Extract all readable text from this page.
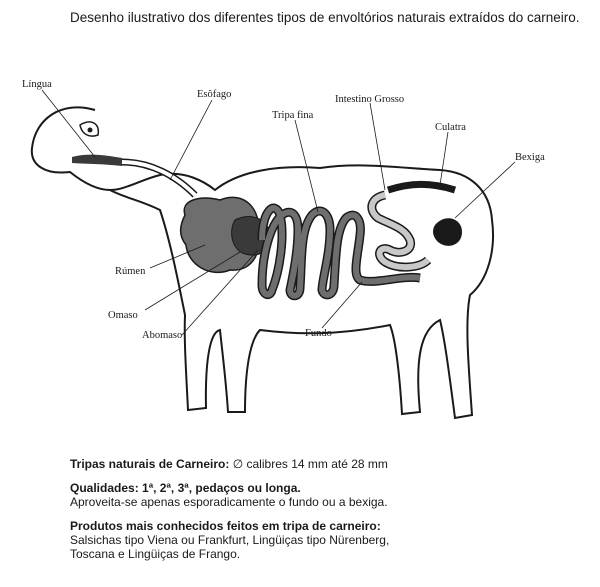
Desenho ilustrativo dos diferentes tipos de envoltórios naturais extraídos do carneiro.
Língua
Esôfago	Intestino Grosso
Tripa fina
Culatra
Bexiga
Rúmen
Omaso
Abomaso	Fundo

Tripas naturais de Carneiro: ∅ calibres 14 mm até 28 mm

Qualidades: 1ª, 2ª, 3ª, pedaços ou longa.
Aproveita-se apenas esporadicamente o fundo ou a bexiga.

Produtos mais conhecidos feitos em tripa de carneiro:
Salsichas tipo Viena ou Frankfurt, Lingüiças tipo Nürenberg,
Toscana e Lingüiças de Frango.
